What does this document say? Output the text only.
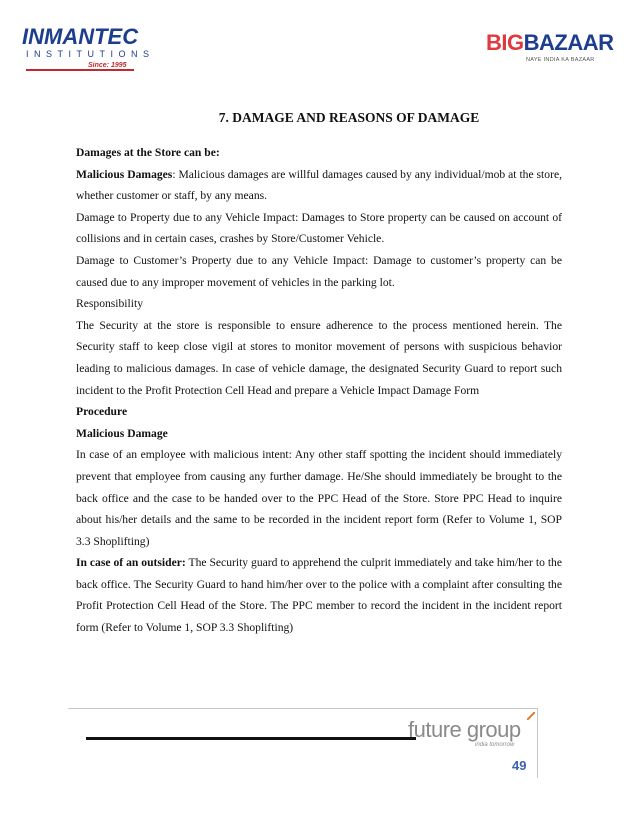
INMANTEC
INSTITUTIONS
Since: 1995
BIGBAZAAR
NAYE INDIA KA BAZAAR
7. DAMAGE AND REASONS OF DAMAGE

Damages at the Store can be:

Malicious Damages: Malicious damages are willful damages caused by any individual/mob at the store, whether customer or staff, by any means.

Damage to Property due to any Vehicle Impact: Damages to Store property can be caused on account of collisions and in certain cases, crashes by Store/Customer Vehicle.

Damage to Customer’s Property due to any Vehicle Impact: Damage to customer’s property can be caused due to any improper movement of vehicles in the parking lot.

Responsibility

The Security at the store is responsible to ensure adherence to the process mentioned herein. The Security staff to keep close vigil at stores to monitor movement of persons with suspicious behavior leading to malicious damages. In case of vehicle damage, the designated Security Guard to report such incident to the Profit Protection Cell Head and prepare a Vehicle Impact Damage Form

Procedure

Malicious Damage

In case of an employee with malicious intent: Any other staff spotting the incident should immediately prevent that employee from causing any further damage. He/She should immediately be brought to the back office and the case to be handed over to the PPC Head of the Store. Store PPC Head to inquire about his/her details and the same to be recorded in the incident report form (Refer to Volume 1, SOP 3.3 Shoplifting)

In case of an outsider: The Security guard to apprehend the culprit immediately and take him/her to the back office. The Security Guard to hand him/her over to the police with a complaint after consulting the Profit Protection Cell Head of the Store. The PPC member to record the incident in the incident report form (Refer to Volume 1, SOP 3.3 Shoplifting)

future group
india tomorrow
49
